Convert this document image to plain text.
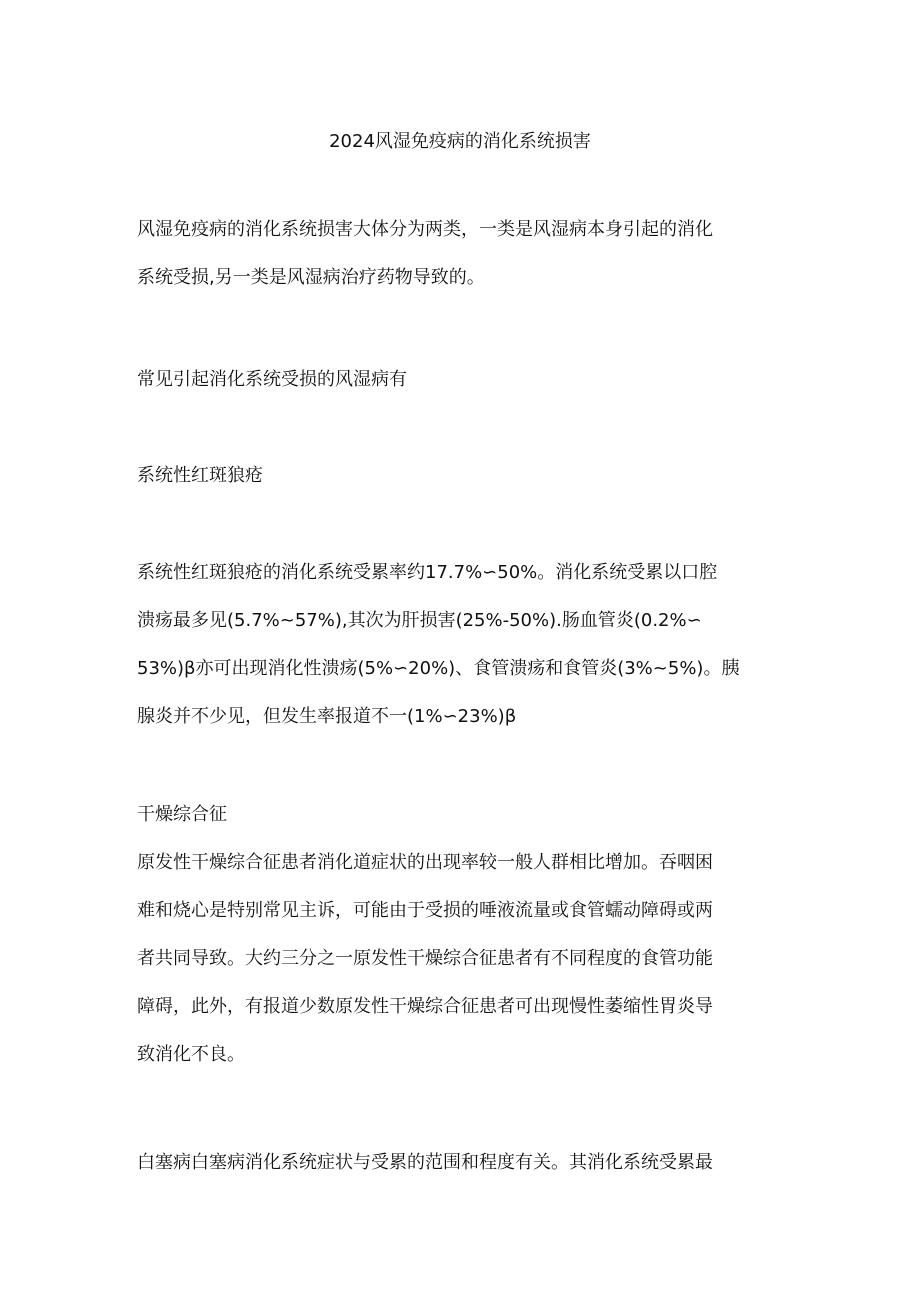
2024风湿免疫病的消化系统损害
风湿免疫病的消化系统损害大体分为两类，一类是风湿病本身引起的消化
系统受损,另一类是风湿病治疗药物导致的。
常见引起消化系统受损的风湿病有
系统性红斑狼疮
系统性红斑狼疮的消化系统受累率约17.7%∽50%。消化系统受累以口腔
溃疡最多见(5.7%~57%),其次为肝损害(25%-50%).肠血管炎(0.2%∽
53%)β亦可出现消化性溃疡(5%∽20%)、食管溃疡和食管炎(3%~5%)。胰
腺炎并不少见，但发生率报道不一(1%∽23%)β
干燥综合征
原发性干燥综合征患者消化道症状的出现率较一般人群相比增加。吞咽困
难和烧心是特别常见主诉，可能由于受损的唾液流量或食管蠕动障碍或两
者共同导致。大约三分之一原发性干燥综合征患者有不同程度的食管功能
障碍，此外，有报道少数原发性干燥综合征患者可出现慢性萎缩性胃炎导
致消化不良。
白塞病白塞病消化系统症状与受累的范围和程度有关。其消化系统受累最
